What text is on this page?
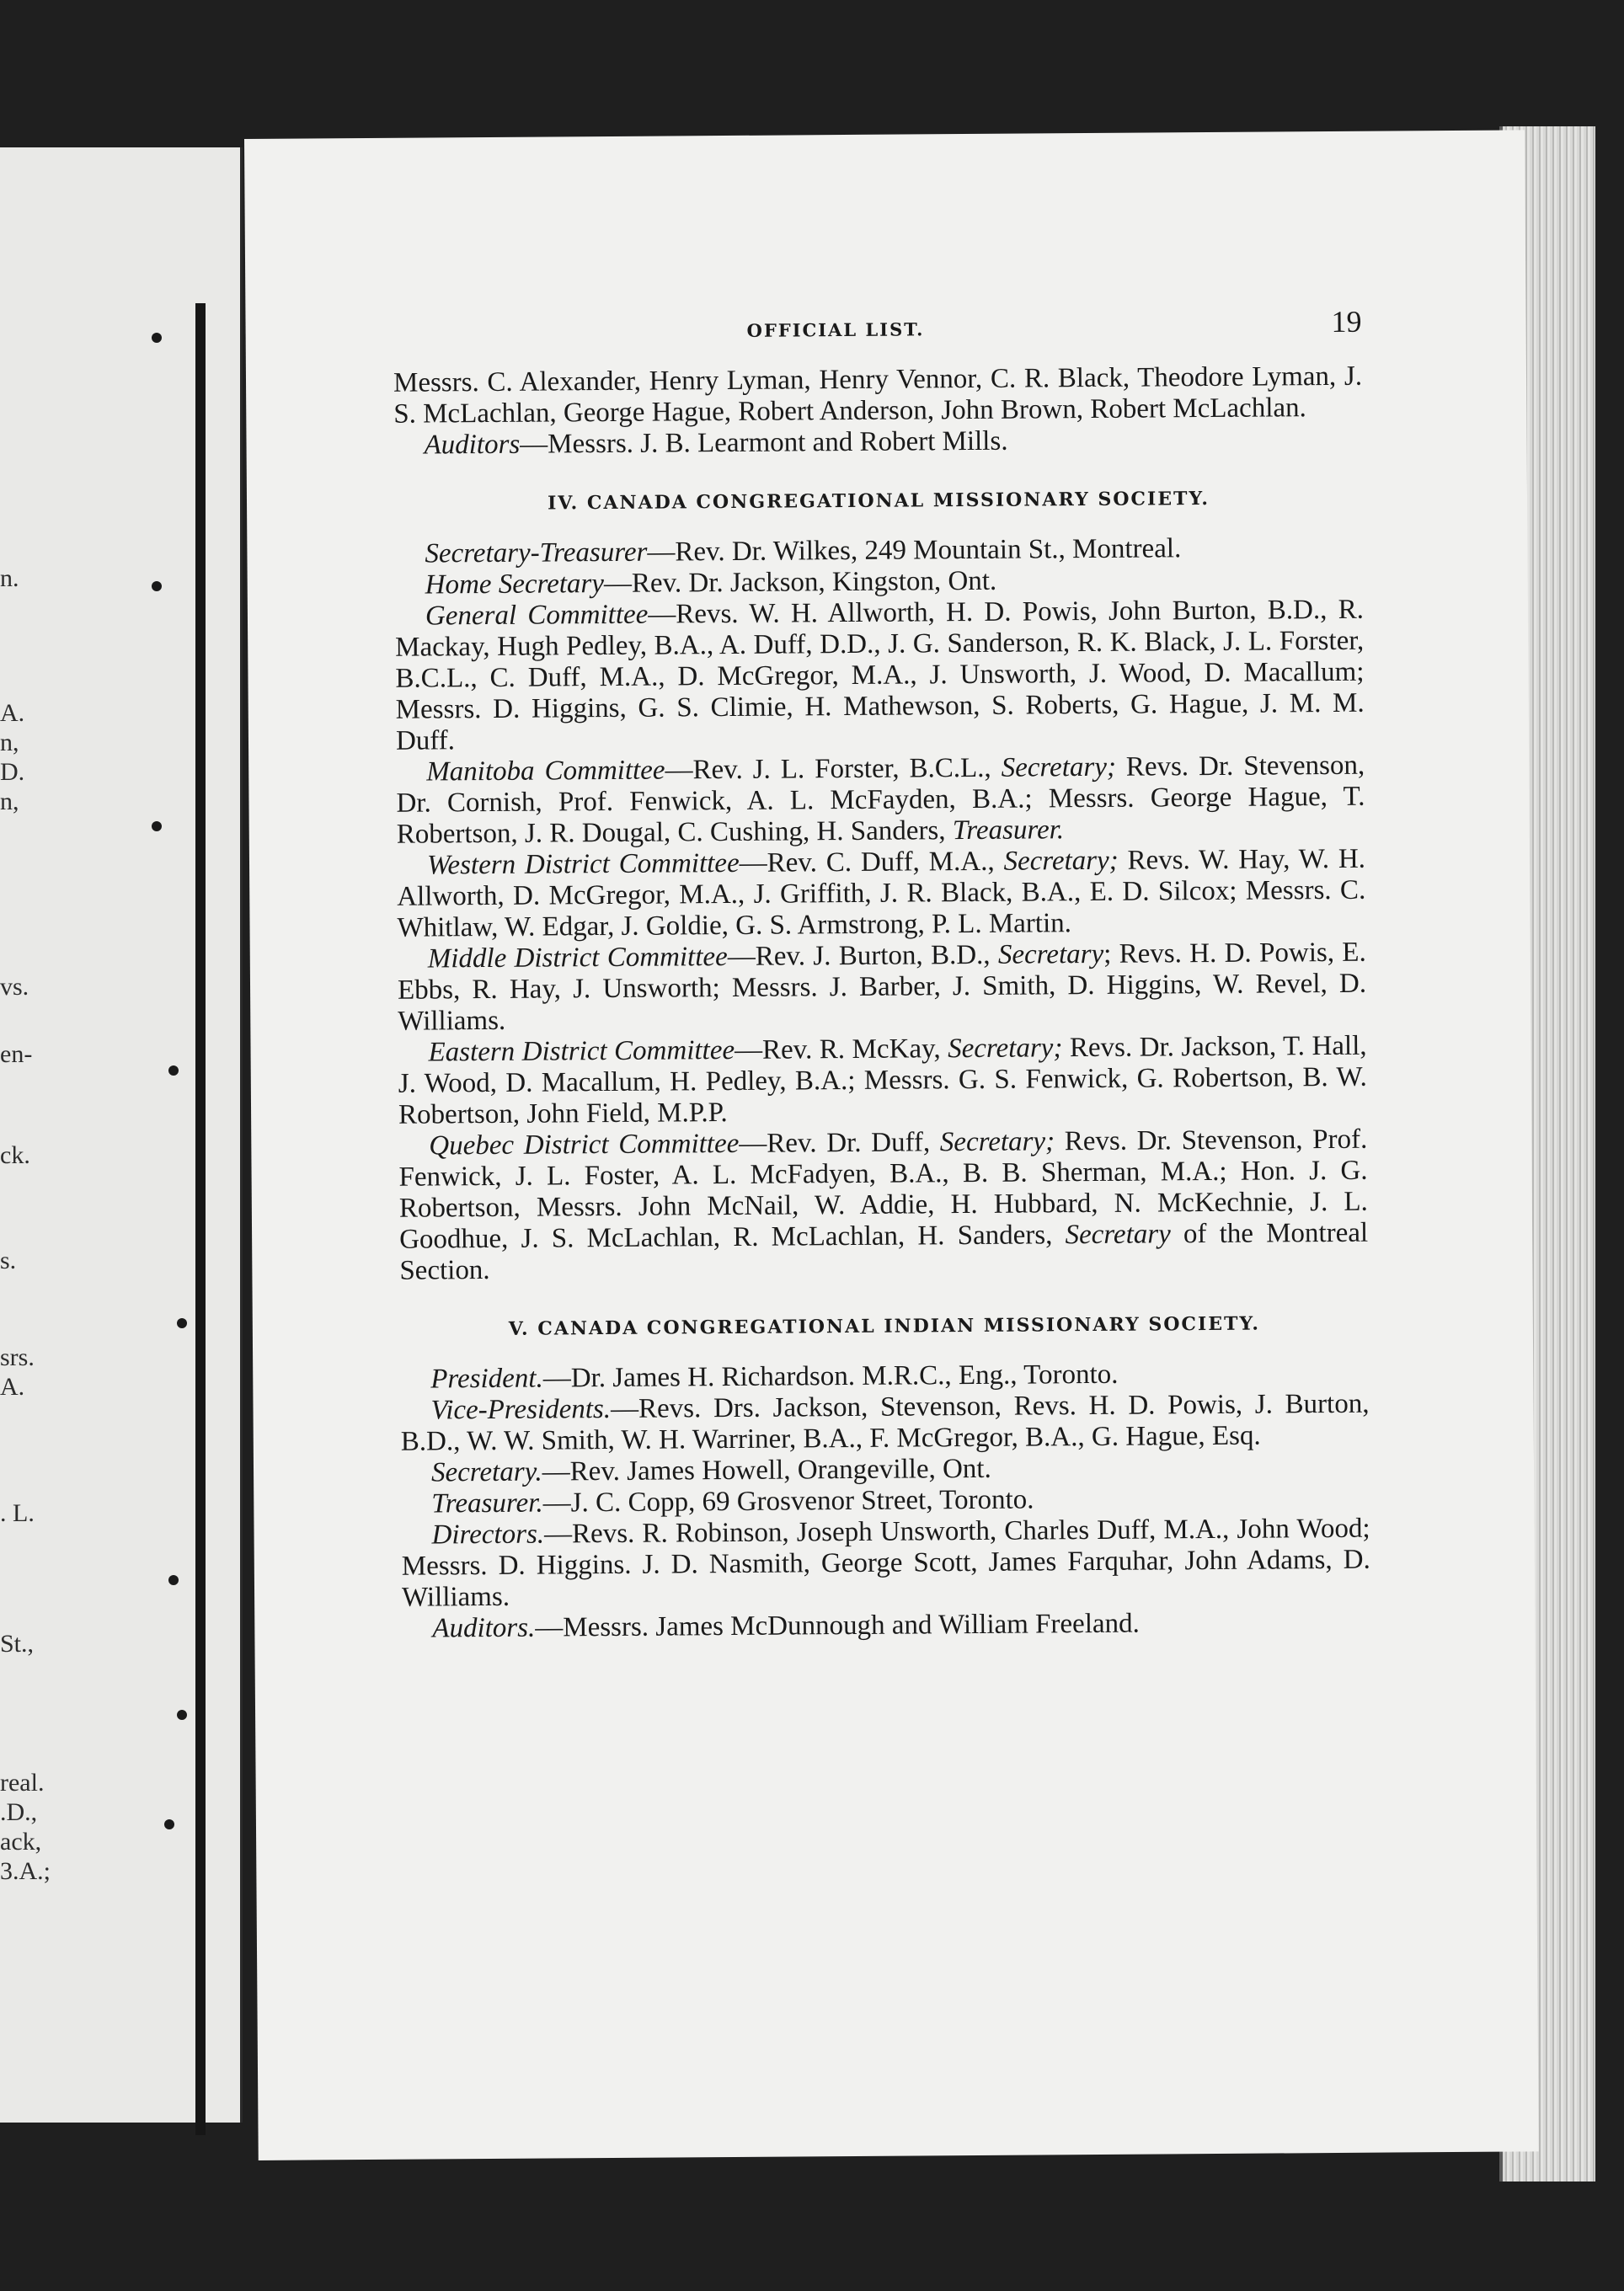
n.
A.
n,
D.
n,
vs.
en-
ck.
s.
srs.
A.
. L.
St.,
real.
.D.,
ack,
3.A.;
OFFICIAL LIST.	19

Messrs. C. Alexander, Henry Lyman, Henry Vennor, C. R. Black, Theodore Lyman, J. S. McLachlan, George Hague, Robert Anderson, John Brown, Robert McLachlan.

Auditors—Messrs. J. B. Learmont and Robert Mills.

IV. CANADA CONGREGATIONAL MISSIONARY SOCIETY.

Secretary-Treasurer—Rev. Dr. Wilkes, 249 Mountain St., Montreal.

Home Secretary—Rev. Dr. Jackson, Kingston, Ont.

General Committee—Revs. W. H. Allworth, H. D. Powis, John Burton, B.D., R. Mackay, Hugh Pedley, B.A., A. Duff, D.D., J. G. Sanderson, R. K. Black, J. L. Forster, B.C.L., C. Duff, M.A., D. McGregor, M.A., J. Unsworth, J. Wood, D. Macallum; Messrs. D. Higgins, G. S. Climie, H. Mathewson, S. Roberts, G. Hague, J. M. M. Duff.

Manitoba Committee—Rev. J. L. Forster, B.C.L., Secretary; Revs. Dr. Stevenson, Dr. Cornish, Prof. Fenwick, A. L. McFayden, B.A.; Messrs. George Hague, T. Robertson, J. R. Dougal, C. Cushing, H. Sanders, Treasurer.

Western District Committee—Rev. C. Duff, M.A., Secretary; Revs. W. Hay, W. H. Allworth, D. McGregor, M.A., J. Griffith, J. R. Black, B.A., E. D. Silcox; Messrs. C. Whitlaw, W. Edgar, J. Goldie, G. S. Armstrong, P. L. Martin.

Middle District Committee—Rev. J. Burton, B.D., Secretary; Revs. H. D. Powis, E. Ebbs, R. Hay, J. Unsworth; Messrs. J. Barber, J. Smith, D. Higgins, W. Revel, D. Williams.

Eastern District Committee—Rev. R. McKay, Secretary; Revs. Dr. Jackson, T. Hall, J. Wood, D. Macallum, H. Pedley, B.A.; Messrs. G. S. Fenwick, G. Robertson, B. W. Robertson, John Field, M.P.P.

Quebec District Committee—Rev. Dr. Duff, Secretary; Revs. Dr. Stevenson, Prof. Fenwick, J. L. Foster, A. L. McFadyen, B.A., B. B. Sherman, M.A.; Hon. J. G. Robertson, Messrs. John McNail, W. Addie, H. Hubbard, N. McKechnie, J. L. Goodhue, J. S. McLachlan, R. McLachlan, H. Sanders, Secretary of the Montreal Section.

V. CANADA CONGREGATIONAL INDIAN MISSIONARY SOCIETY.

President.—Dr. James H. Richardson. M.R.C., Eng., Toronto.

Vice-Presidents.—Revs. Drs. Jackson, Stevenson, Revs. H. D. Powis, J. Burton, B.D., W. W. Smith, W. H. Warriner, B.A., F. McGregor, B.A., G. Hague, Esq.

Secretary.—Rev. James Howell, Orangeville, Ont.

Treasurer.—J. C. Copp, 69 Grosvenor Street, Toronto.

Directors.—Revs. R. Robinson, Joseph Unsworth, Charles Duff, M.A., John Wood; Messrs. D. Higgins. J. D. Nasmith, George Scott, James Farquhar, John Adams, D. Williams.

Auditors.—Messrs. James McDunnough and William Freeland.
